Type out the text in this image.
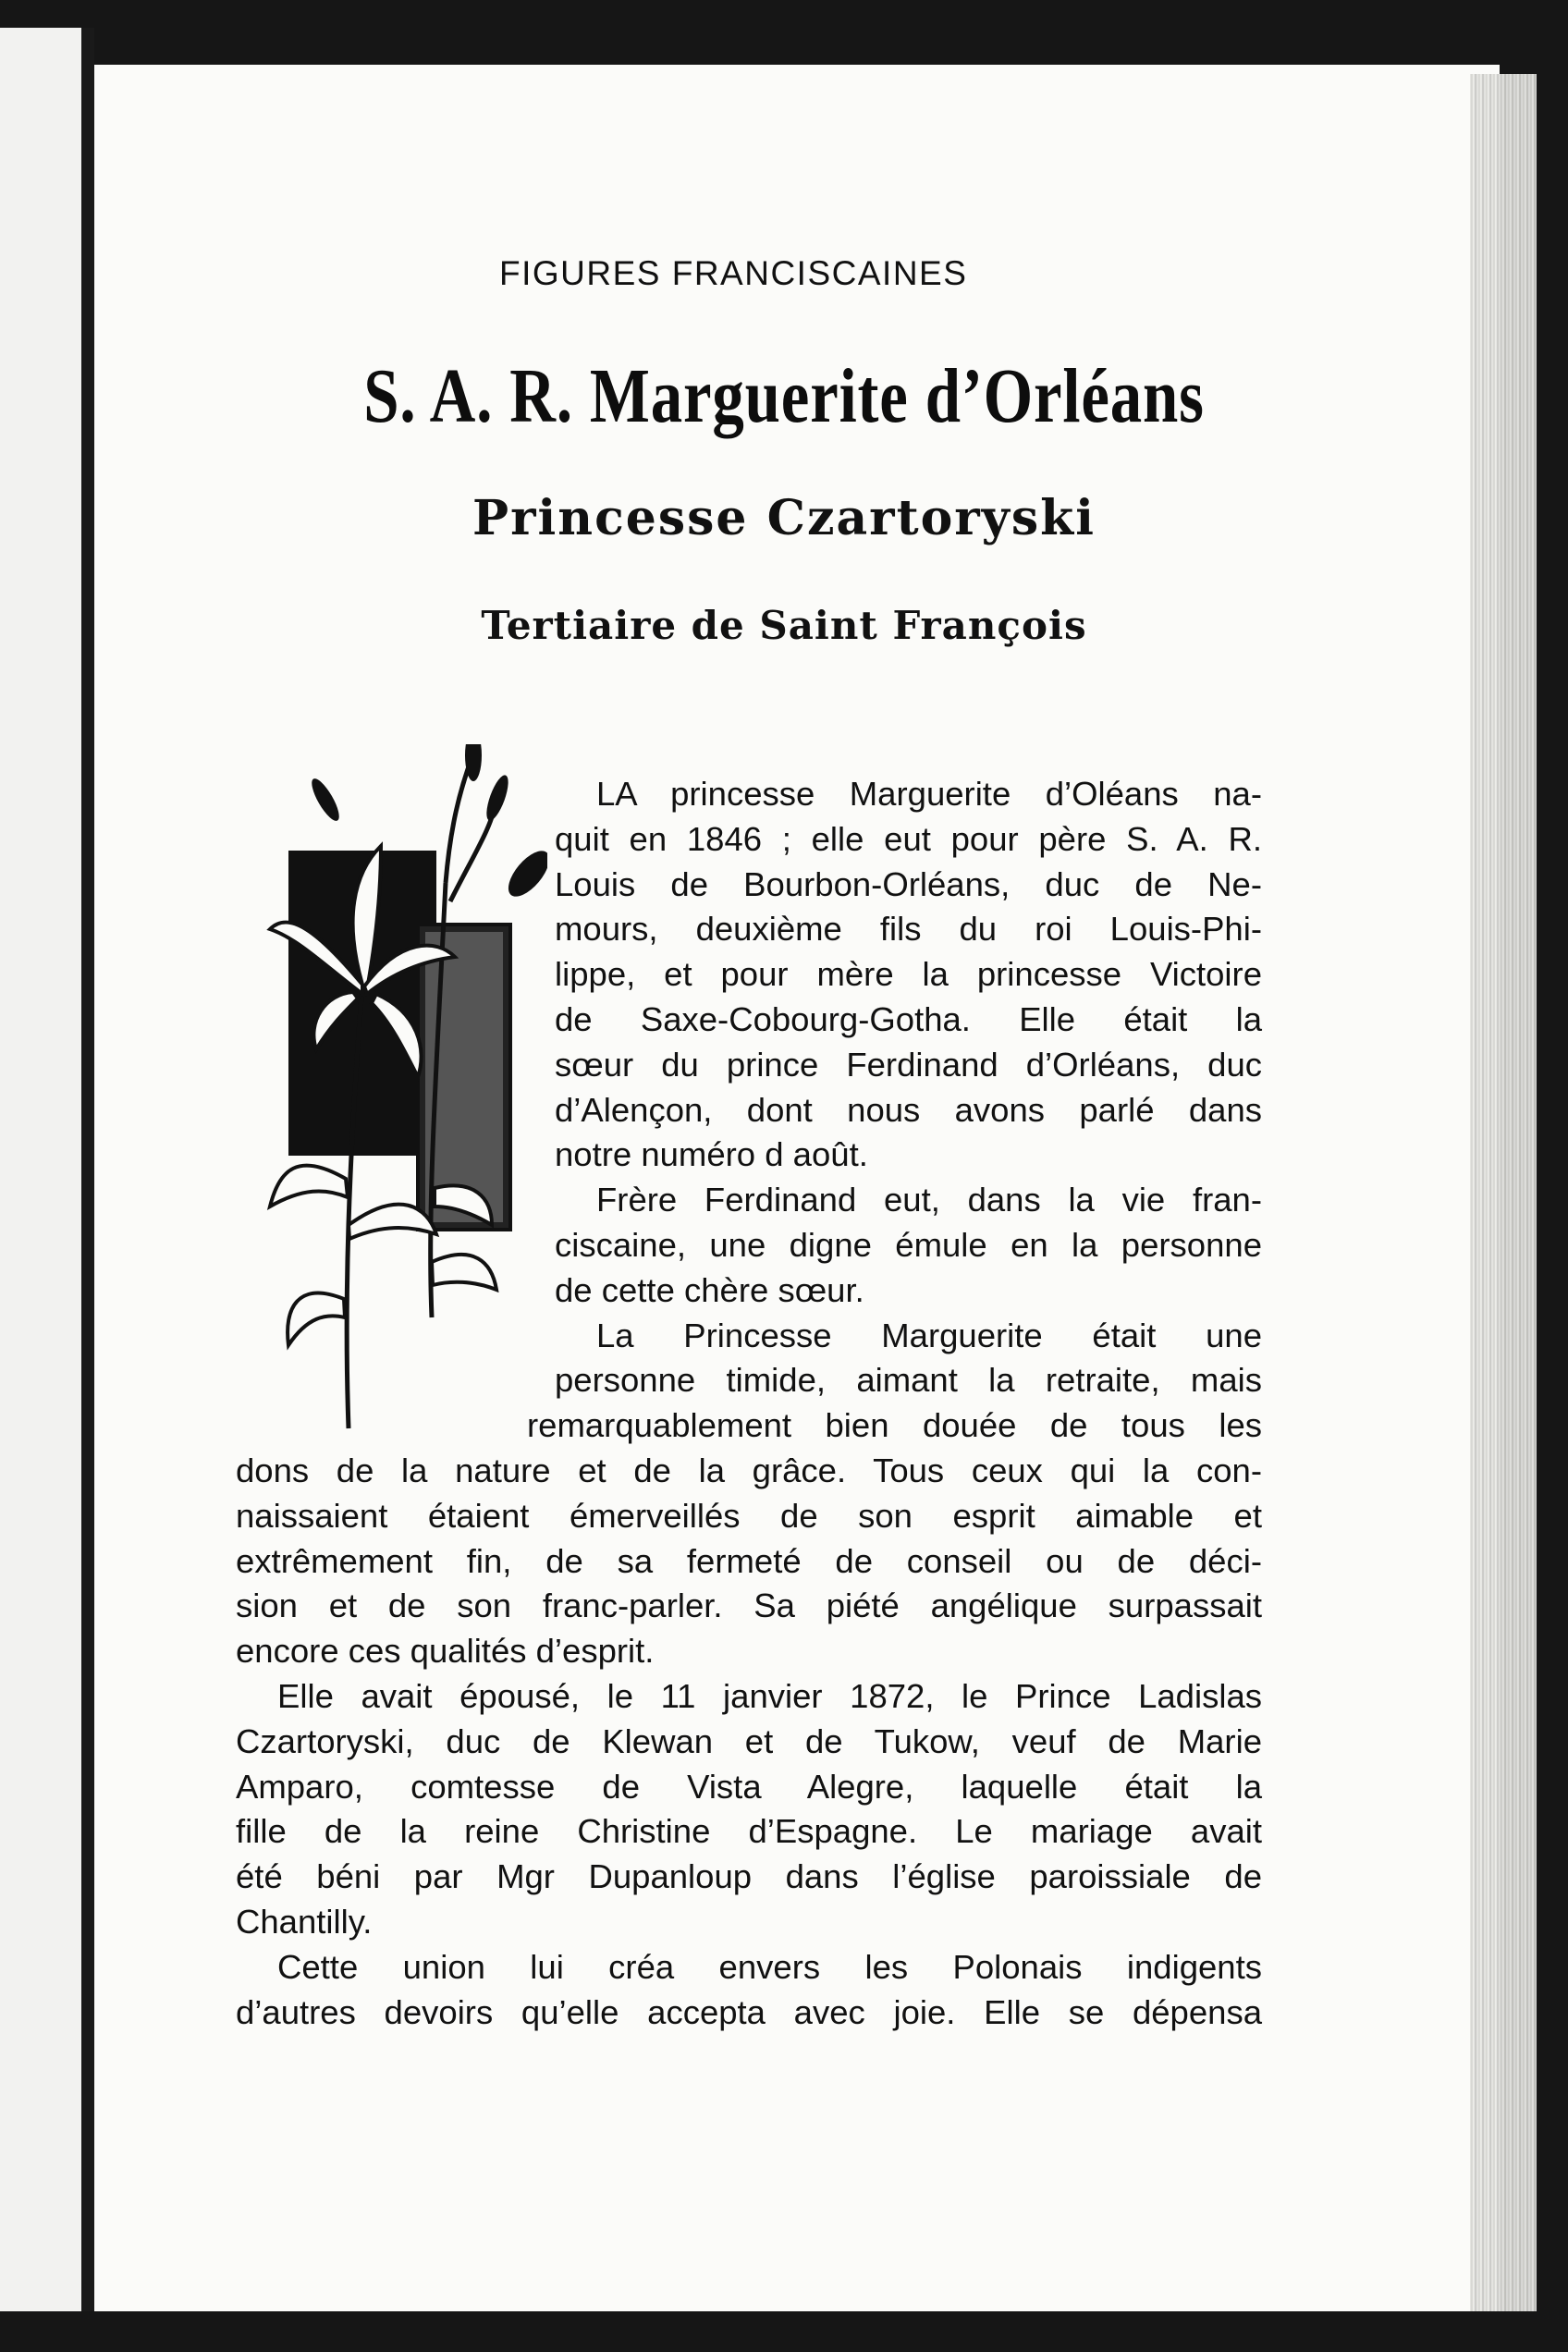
FIGURES FRANCISCAINES
S. A. R. Marguerite d’Orléans
Princesse Czartoryski
Tertiaire de Saint François
LA princesse Marguerite d’Oléans na-
quit en 1846 ; elle eut pour père S. A. R.
Louis de Bourbon-Orléans, duc de Ne-
mours, deuxième fils du roi Louis-Phi-
lippe, et pour mère la princesse Victoire
de Saxe-Cobourg-Gotha. Elle était la
sœur du prince Ferdinand d’Orléans, duc
d’Alençon, dont nous avons parlé dans
notre numéro d août.
Frère Ferdinand eut, dans la vie fran-
ciscaine, une digne émule en la personne
de cette chère sœur.
La Princesse Marguerite était une
personne timide, aimant la retraite, mais
remarquablement bien douée de tous les
dons de la nature et de la grâce. Tous ceux qui la con-
naissaient étaient émerveillés de son esprit aimable et
extrêmement fin, de sa fermeté de conseil ou de déci-
sion et de son franc-parler. Sa piété angélique surpassait
encore ces qualités d’esprit.
Elle avait épousé, le 11 janvier 1872, le Prince Ladislas
Czartoryski, duc de Klewan et de Tukow, veuf de Marie
Amparo, comtesse de Vista Alegre, laquelle était la
fille de la reine Christine d’Espagne. Le mariage avait
été béni par Mgr Dupanloup dans l’église paroissiale de
Chantilly.
Cette union lui créa envers les Polonais indigents
d’autres devoirs qu’elle accepta avec joie. Elle se dépensa
